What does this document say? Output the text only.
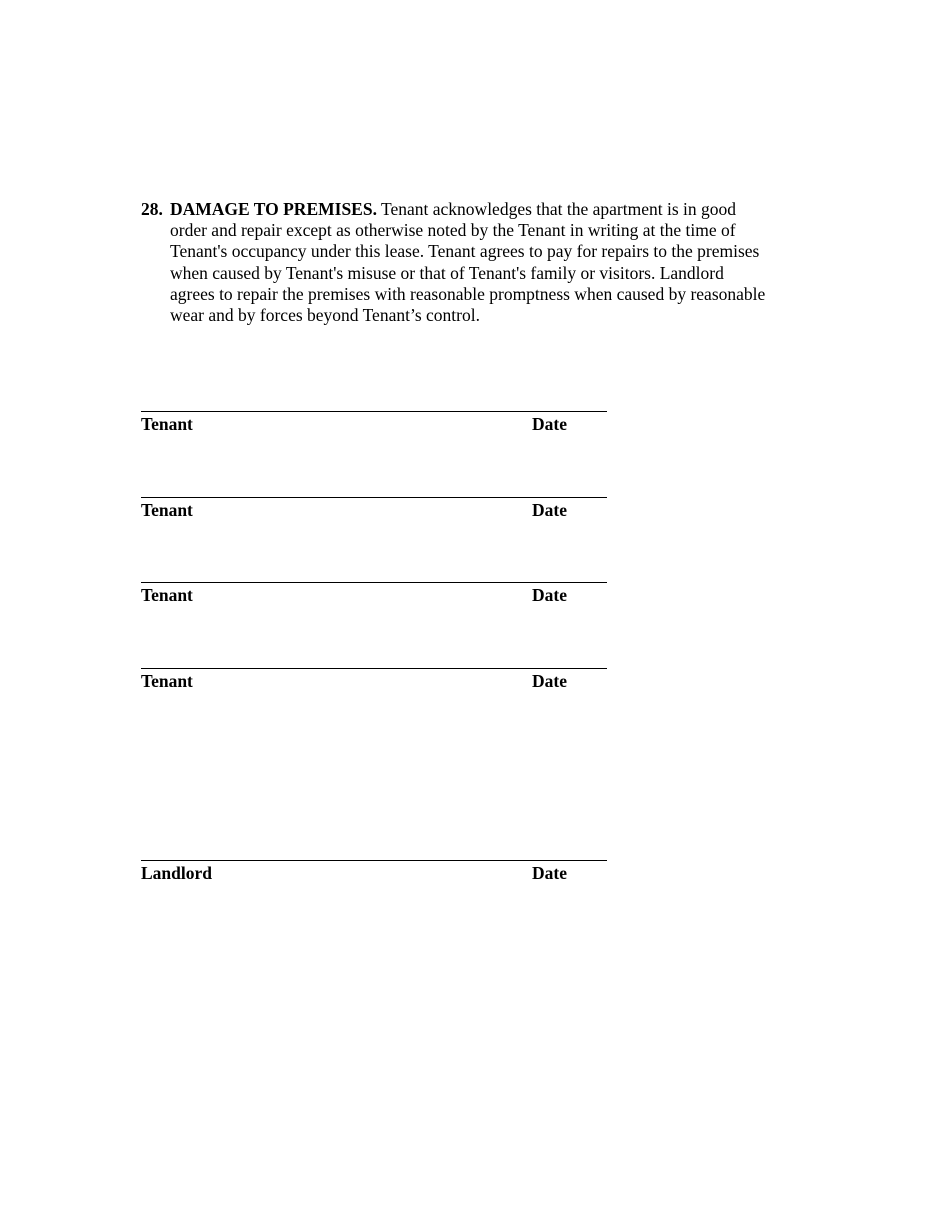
28. DAMAGE TO PREMISES. Tenant acknowledges that the apartment is in good
order and repair except as otherwise noted by the Tenant in writing at the time of
Tenant's occupancy under this lease. Tenant agrees to pay for repairs to the premises
when caused by Tenant's misuse or that of Tenant's family or visitors. Landlord
agrees to repair the premises with reasonable promptness when caused by reasonable
wear and by forces beyond Tenant’s control.
Tenant	Date
Tenant	Date
Tenant	Date
Tenant	Date
Landlord	Date
